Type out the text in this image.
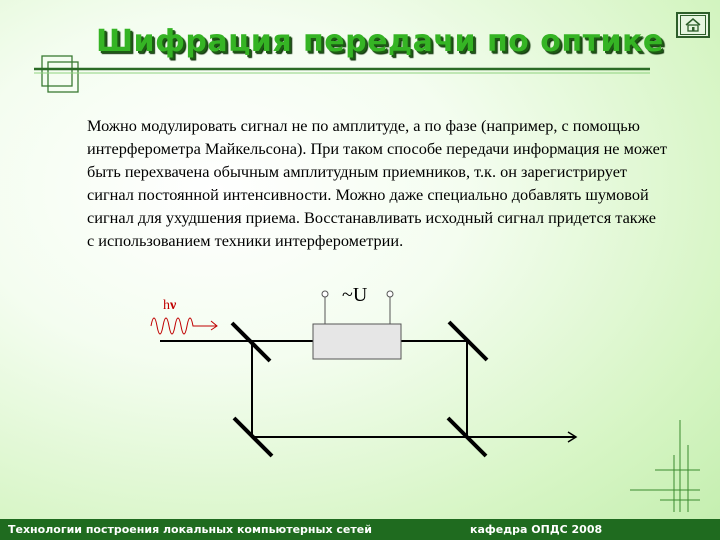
Шифрация передачи по оптике
Можно модулировать сигнал не по амплитуде, а по фазе (например, с помощью интерферометра Майкельсона). При таком способе передачи информация не может быть перехвачена обычным амплитудным приемников, т.к. он зарегистрирует сигнал постоянной интенсивности. Можно даже специально добавлять шумовой сигнал для ухудшения приема. Восстанавливать исходный сигнал придется также с использованием техники интерферометрии.
~U
hν
Технологии построения локальных компьютерных сетей	кафедра ОПДС 2008
